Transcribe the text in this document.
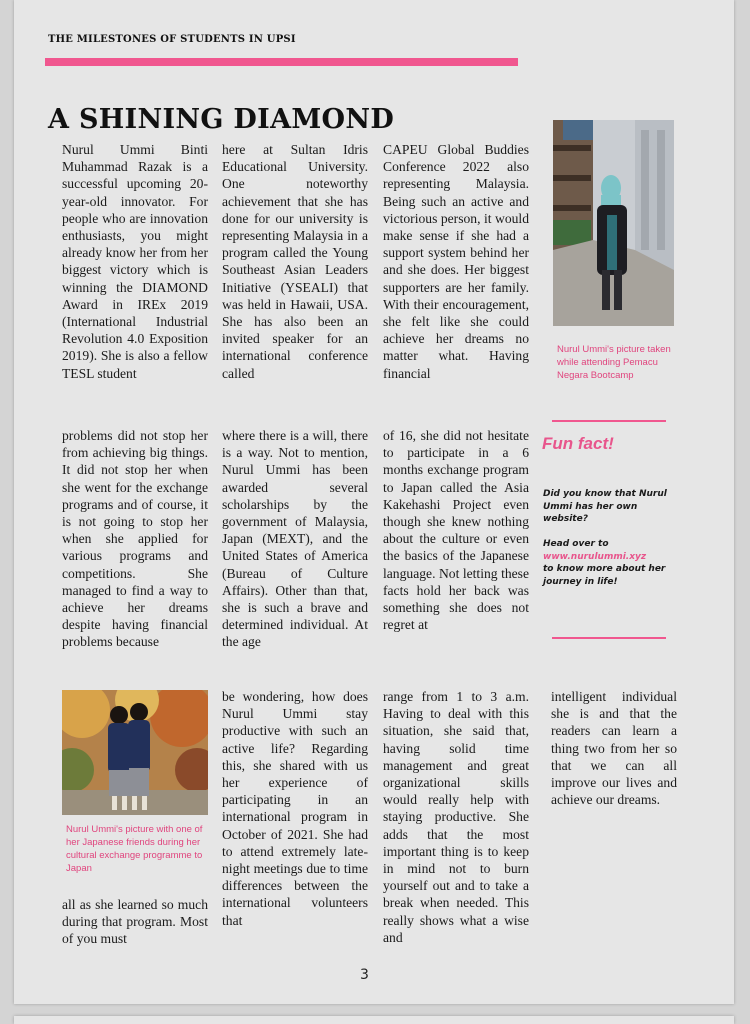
THE MILESTONES OF STUDENTS IN UPSI
A SHINING DIAMOND

Nurul Ummi Binti Muhammad Razak is a successful upcoming 20-year-old innovator. For people who are innovation enthusiasts, you might already know her from her biggest victory which is winning the DIAMOND Award in IREx 2019 (International Industrial Revolution 4.0 Exposition 2019). She is also a fellow TESL student

here at Sultan Idris Educational University. One noteworthy achievement that she has done for our university is representing Malaysia in a program called the Young Southeast Asian Leaders Initiative (YSEALI) that was held in Hawaii, USA. She has also been an invited speaker for an international conference called

CAPEU Global Buddies Conference 2022 also representing Malaysia. Being such an active and victorious person, it would make sense if she had a support system behind her and she does. Her biggest supporters are her family. With their encouragement, she felt like she could achieve her dreams no matter what. Having financial

Nurul Ummi's picture taken while attending Pemacu Negara Bootcamp
Fun fact!
Did you know that Nurul Ummi has her own website?
Head over to
www.nurulummi.xyz
to know more about her journey in life!

problems did not stop her from achieving big things. It did not stop her when she went for the exchange programs and of course, it is not going to stop her when she applied for various programs and competitions. She managed to find a way to achieve her dreams despite having financial problems because

where there is a will, there is a way. Not to mention, Nurul Ummi has been awarded several scholarships by the government of Malaysia, Japan (MEXT), and the United States of America (Bureau of Culture Affairs). Other than that, she is such a brave and determined individual. At the age

of 16, she did not hesitate to participate in a 6 months exchange program to Japan called the Asia Kakehashi Project even though she knew nothing about the culture or even the basics of the Japanese language. Not letting these facts hold her back was something she does not regret at

Nurul Ummi's picture with one of her Japanese friends during her cultural exchange programme to Japan

all as she learned so much during that program. Most of you must

be wondering, how does Nurul Ummi stay productive with such an active life? Regarding this, she shared with us her experience of participating in an international program in October of 2021. She had to attend extremely late-night meetings due to time differences between the international volunteers that

range from 1 to 3 a.m. Having to deal with this situation, she said that, having solid time management and great organizational skills would really help with staying productive. She adds that the most important thing is to keep in mind not to burn yourself out and to take a break when needed. This really shows what a wise and

intelligent individual she is and that the readers can learn a thing two from her so that we can all improve our lives and achieve our dreams.

3
